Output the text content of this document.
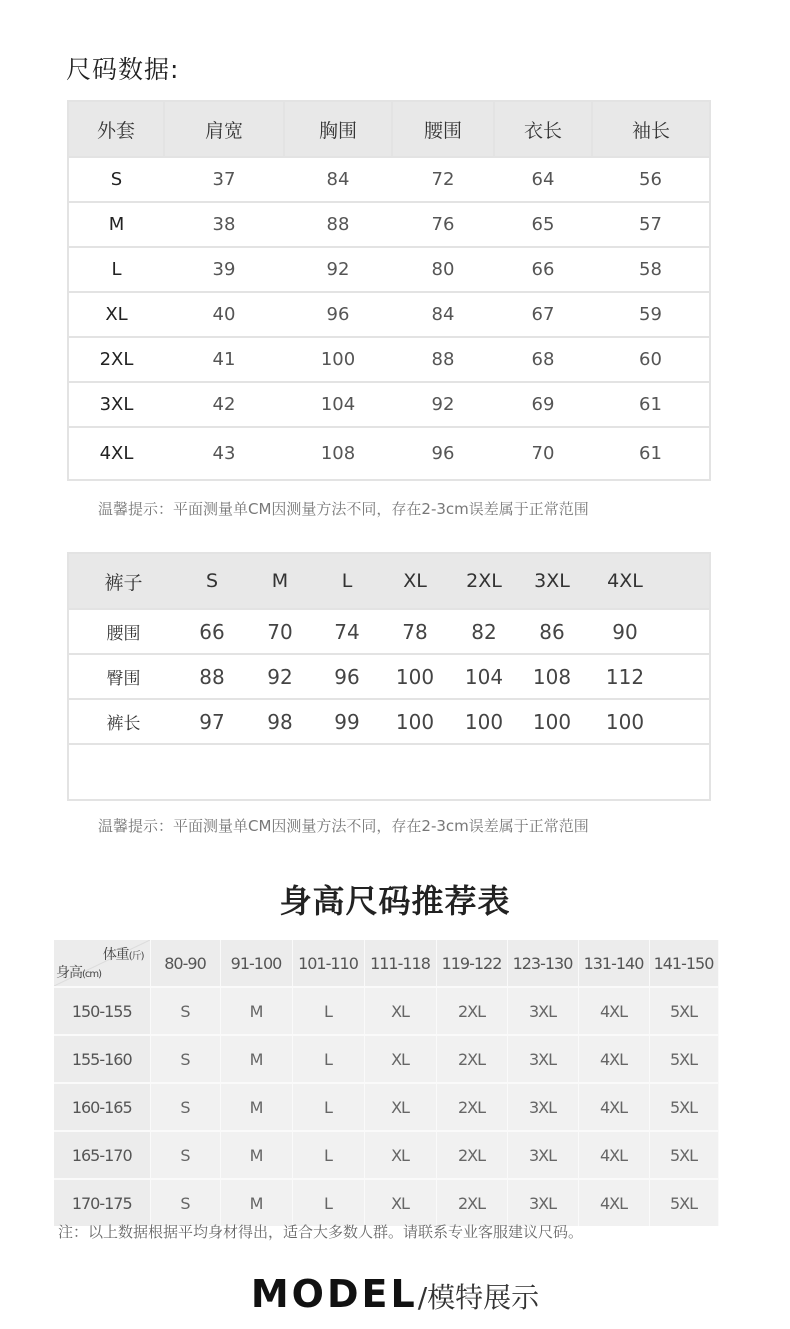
尺码数据:
外套	肩宽	胸围	腰围	衣长	袖长
S	37	84	72	64	56
M	38	88	76	65	57
L	39	92	80	66	58
XL	40	96	84	67	59
2XL	41	100	88	68	60
3XL	42	104	92	69	61
4XL	43	108	96	70	61
温馨提示：平面测量单CM因测量方法不同，存在2-3cm误差属于正常范围
裤子	S	M	L	XL	2XL	3XL	4XL	
腰围	66	70	74	78	82	86	90	
臀围	88	92	96	100	104	108	112	
裤长	97	98	99	100	100	100	100	

温馨提示：平面测量单CM因测量方法不同，存在2-3cm误差属于正常范围
身高尺码推荐表
体重(斤)
身高(cm)	80-90	91-100	101-110	111-118	119-122	123-130	131-140	141-150
150-155	S	M	L	XL	2XL	3XL	4XL	5XL
155-160	S	M	L	XL	2XL	3XL	4XL	5XL
160-165	S	M	L	XL	2XL	3XL	4XL	5XL
165-170	S	M	L	XL	2XL	3XL	4XL	5XL
170-175	S	M	L	XL	2XL	3XL	4XL	5XL
注：以上数据根据平均身材得出，适合大多数人群。请联系专业客服建议尺码。
MODEL/模特展示
